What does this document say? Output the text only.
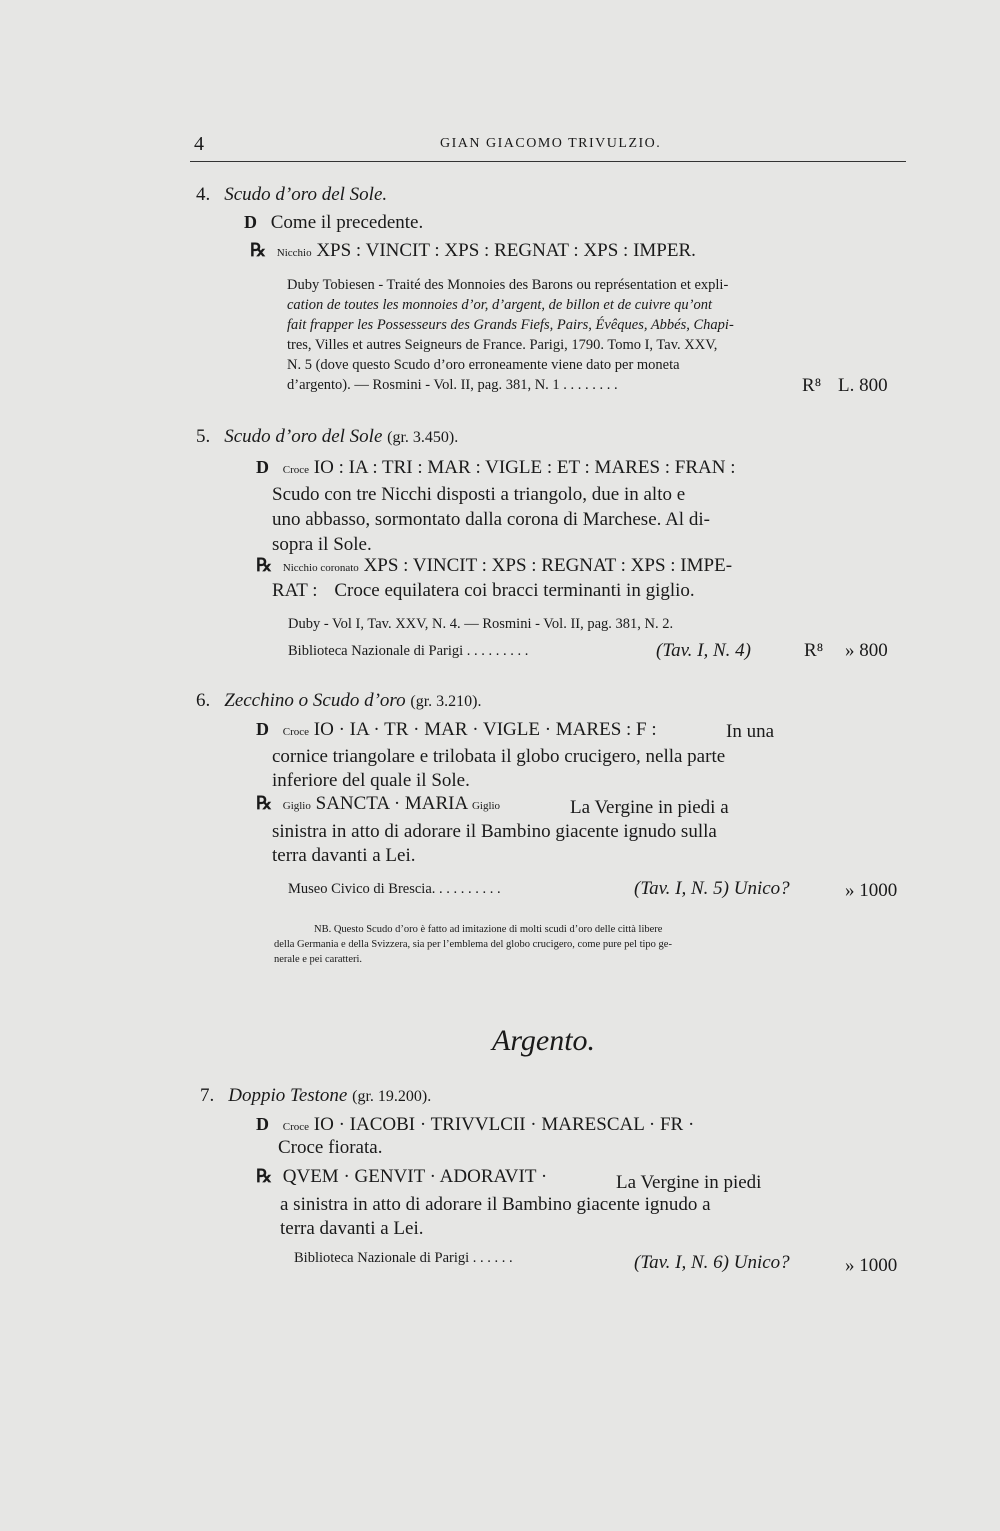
4	GIAN GIACOMO TRIVULZIO.
4. Scudo d’oro del Sole.
D Come il precedente.
℞ Nicchio XPS : VINCIT : XPS : REGNAT : XPS : IMPER.
Duby Tobiesen - Traité des Monnoies des Barons ou représentation et expli-
cation de toutes les monnoies d’or, d’argent, de billon et de cuivre qu’ont
fait frapper les Possesseurs des Grands Fiefs, Pairs, Évêques, Abbés, Chapi-
tres, Villes et autres Seigneurs de France. Parigi, 1790. Tomo I, Tav. XXV,
N. 5 (dove questo Scudo d’oro erroneamente viene dato per moneta
d’argento). — Rosmini - Vol. II, pag. 381, N. 1 . . . . . . . .	R⁸ L. 800
5. Scudo d’oro del Sole (gr. 3.450).
D Croce IO : IA : TRI : MAR : VIGLE : ET : MARES : FRAN :
Scudo con tre Nicchi disposti a triangolo, due in alto e
uno abbasso, sormontato dalla corona di Marchese. Al di-
sopra il Sole.
℞ Nicchio coronato XPS : VINCIT : XPS : REGNAT : XPS : IMPE-
RAT : Croce equilatera coi bracci terminanti in giglio.
Duby - Vol I, Tav. XXV, N. 4. — Rosmini - Vol. II, pag. 381, N. 2.
Biblioteca Nazionale di Parigi . . . . . . . . .	(Tav. I, N. 4)	R⁸ » 800
6. Zecchino o Scudo d’oro (gr. 3.210).
D Croce IO · IA · TR · MAR · VIGLE · MARES : F :	In una
cornice triangolare e trilobata il globo crucigero, nella parte
inferiore del quale il Sole.
℞ Giglio SANCTA · MARIA Giglio	La Vergine in piedi a
sinistra in atto di adorare il Bambino giacente ignudo sulla
terra davanti a Lei.
Museo Civico di Brescia. . . . . . . . . .	(Tav. I, N. 5) Unico?	» 1000
NB. Questo Scudo d’oro è fatto ad imitazione di molti scudi d’oro delle città libere
della Germania e della Svizzera, sia per l’emblema del globo crucigero, come pure pel tipo ge-
nerale e pei caratteri.
Argento.
7. Doppio Testone (gr. 19.200).
D Croce IO · IACOBI · TRIVVLCII · MARESCAL · FR ·
Croce fiorata.
℞ QVEM · GENVIT · ADORAVIT ·	La Vergine in piedi
a sinistra in atto di adorare il Bambino giacente ignudo a
terra davanti a Lei.
Biblioteca Nazionale di Parigi . . . . . .	(Tav. I, N. 6) Unico?	» 1000
